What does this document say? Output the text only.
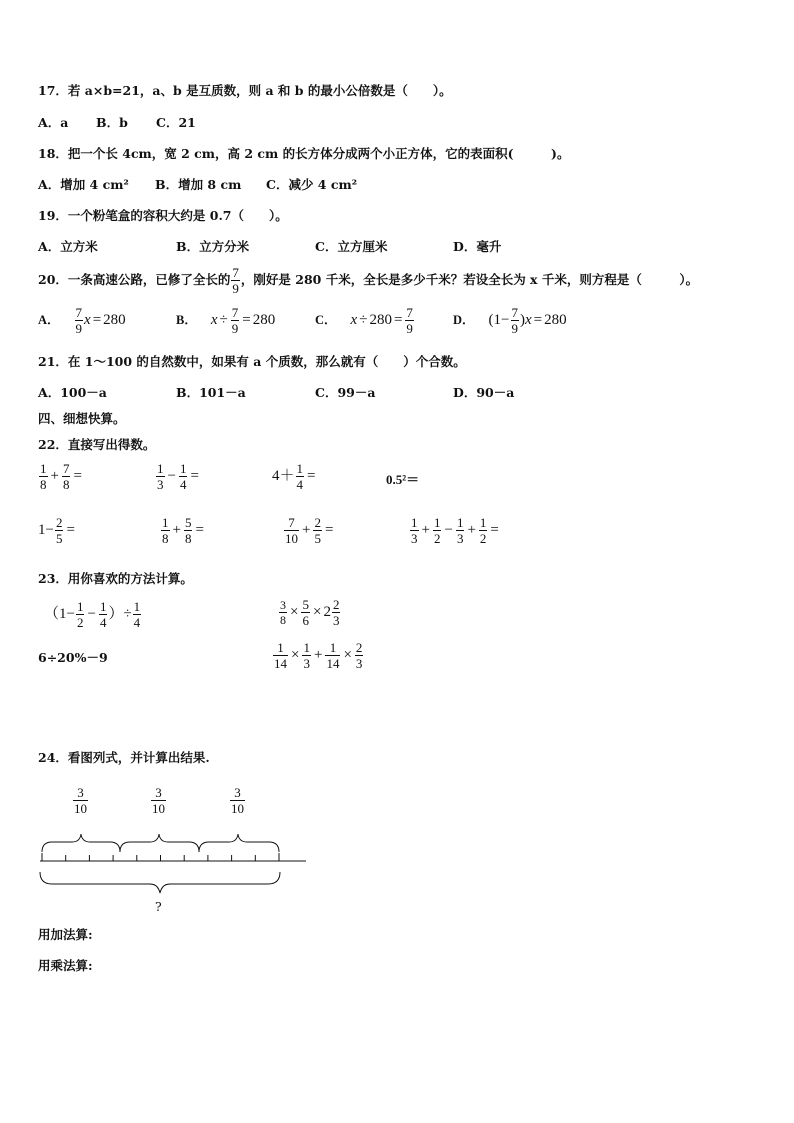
17．若 a×b=21，a、b 是互质数，则 a 和 b 的最小公倍数是（　　）。
A．a B．b C．21
18．把一个长 4cm，宽 2 cm，高 2 cm 的长方体分成两个小正方体，它的表面积(　　　)。
A．增加 4 cm² B．增加 8 cm C．减少 4 cm²
19．一个粉笔盒的容积大约是 0.7（　　）。
A．立方米	B．立方分米	C．立方厘米	D．毫升
20．一条高速公路，已修了全长的 $\frac{7}{9}$ ，刚好是 280 千米，全长是多少千米？若设全长为 x 千米，则方程是（　　　）。
A． $\frac{7}{9}$ x = 280	B． $x \div \frac{7}{9} = 280$	C． $x \div 280 = \frac{7}{9}$	D． ($1- \frac{7}{9}$ ) x = 280
21．在 1～100 的自然数中，如果有 a 个质数，那么就有（　　）个合数。
A．100－a	B．101－a	C．99－a	D．90－a
四、细想快算。
22．直接写出得数。
$\frac{1}{8} + \frac{7}{8}$ =	$\frac{1}{3} - \frac{1}{4}$ =	$4+ \frac{1}{4}$ =	0.5²＝
$1- \frac{2}{5}$ =	$\frac{1}{8} + \frac{5}{8}$ =	$\frac{7}{10} + \frac{2}{5}$ =	$\frac{1}{3} + \frac{1}{2} - \frac{1}{3} + \frac{1}{2}$ =
23．用你喜欢的方法计算。
（$1- \frac{1}{2} - \frac{1}{4}$ ）÷ $\frac{1}{4}$	$\frac{3}{8} \times \frac{5}{6} \times 2 \frac{2}{3}$
6÷20%－9	$\frac{1}{14} \times \frac{1}{3} + \frac{1}{14} \times \frac{2}{3}$
24．看图列式，并计算出结果.
$\frac{3}{10}$	$\frac{3}{10}$	$\frac{3}{10}$
?
用加法算:
用乘法算:
